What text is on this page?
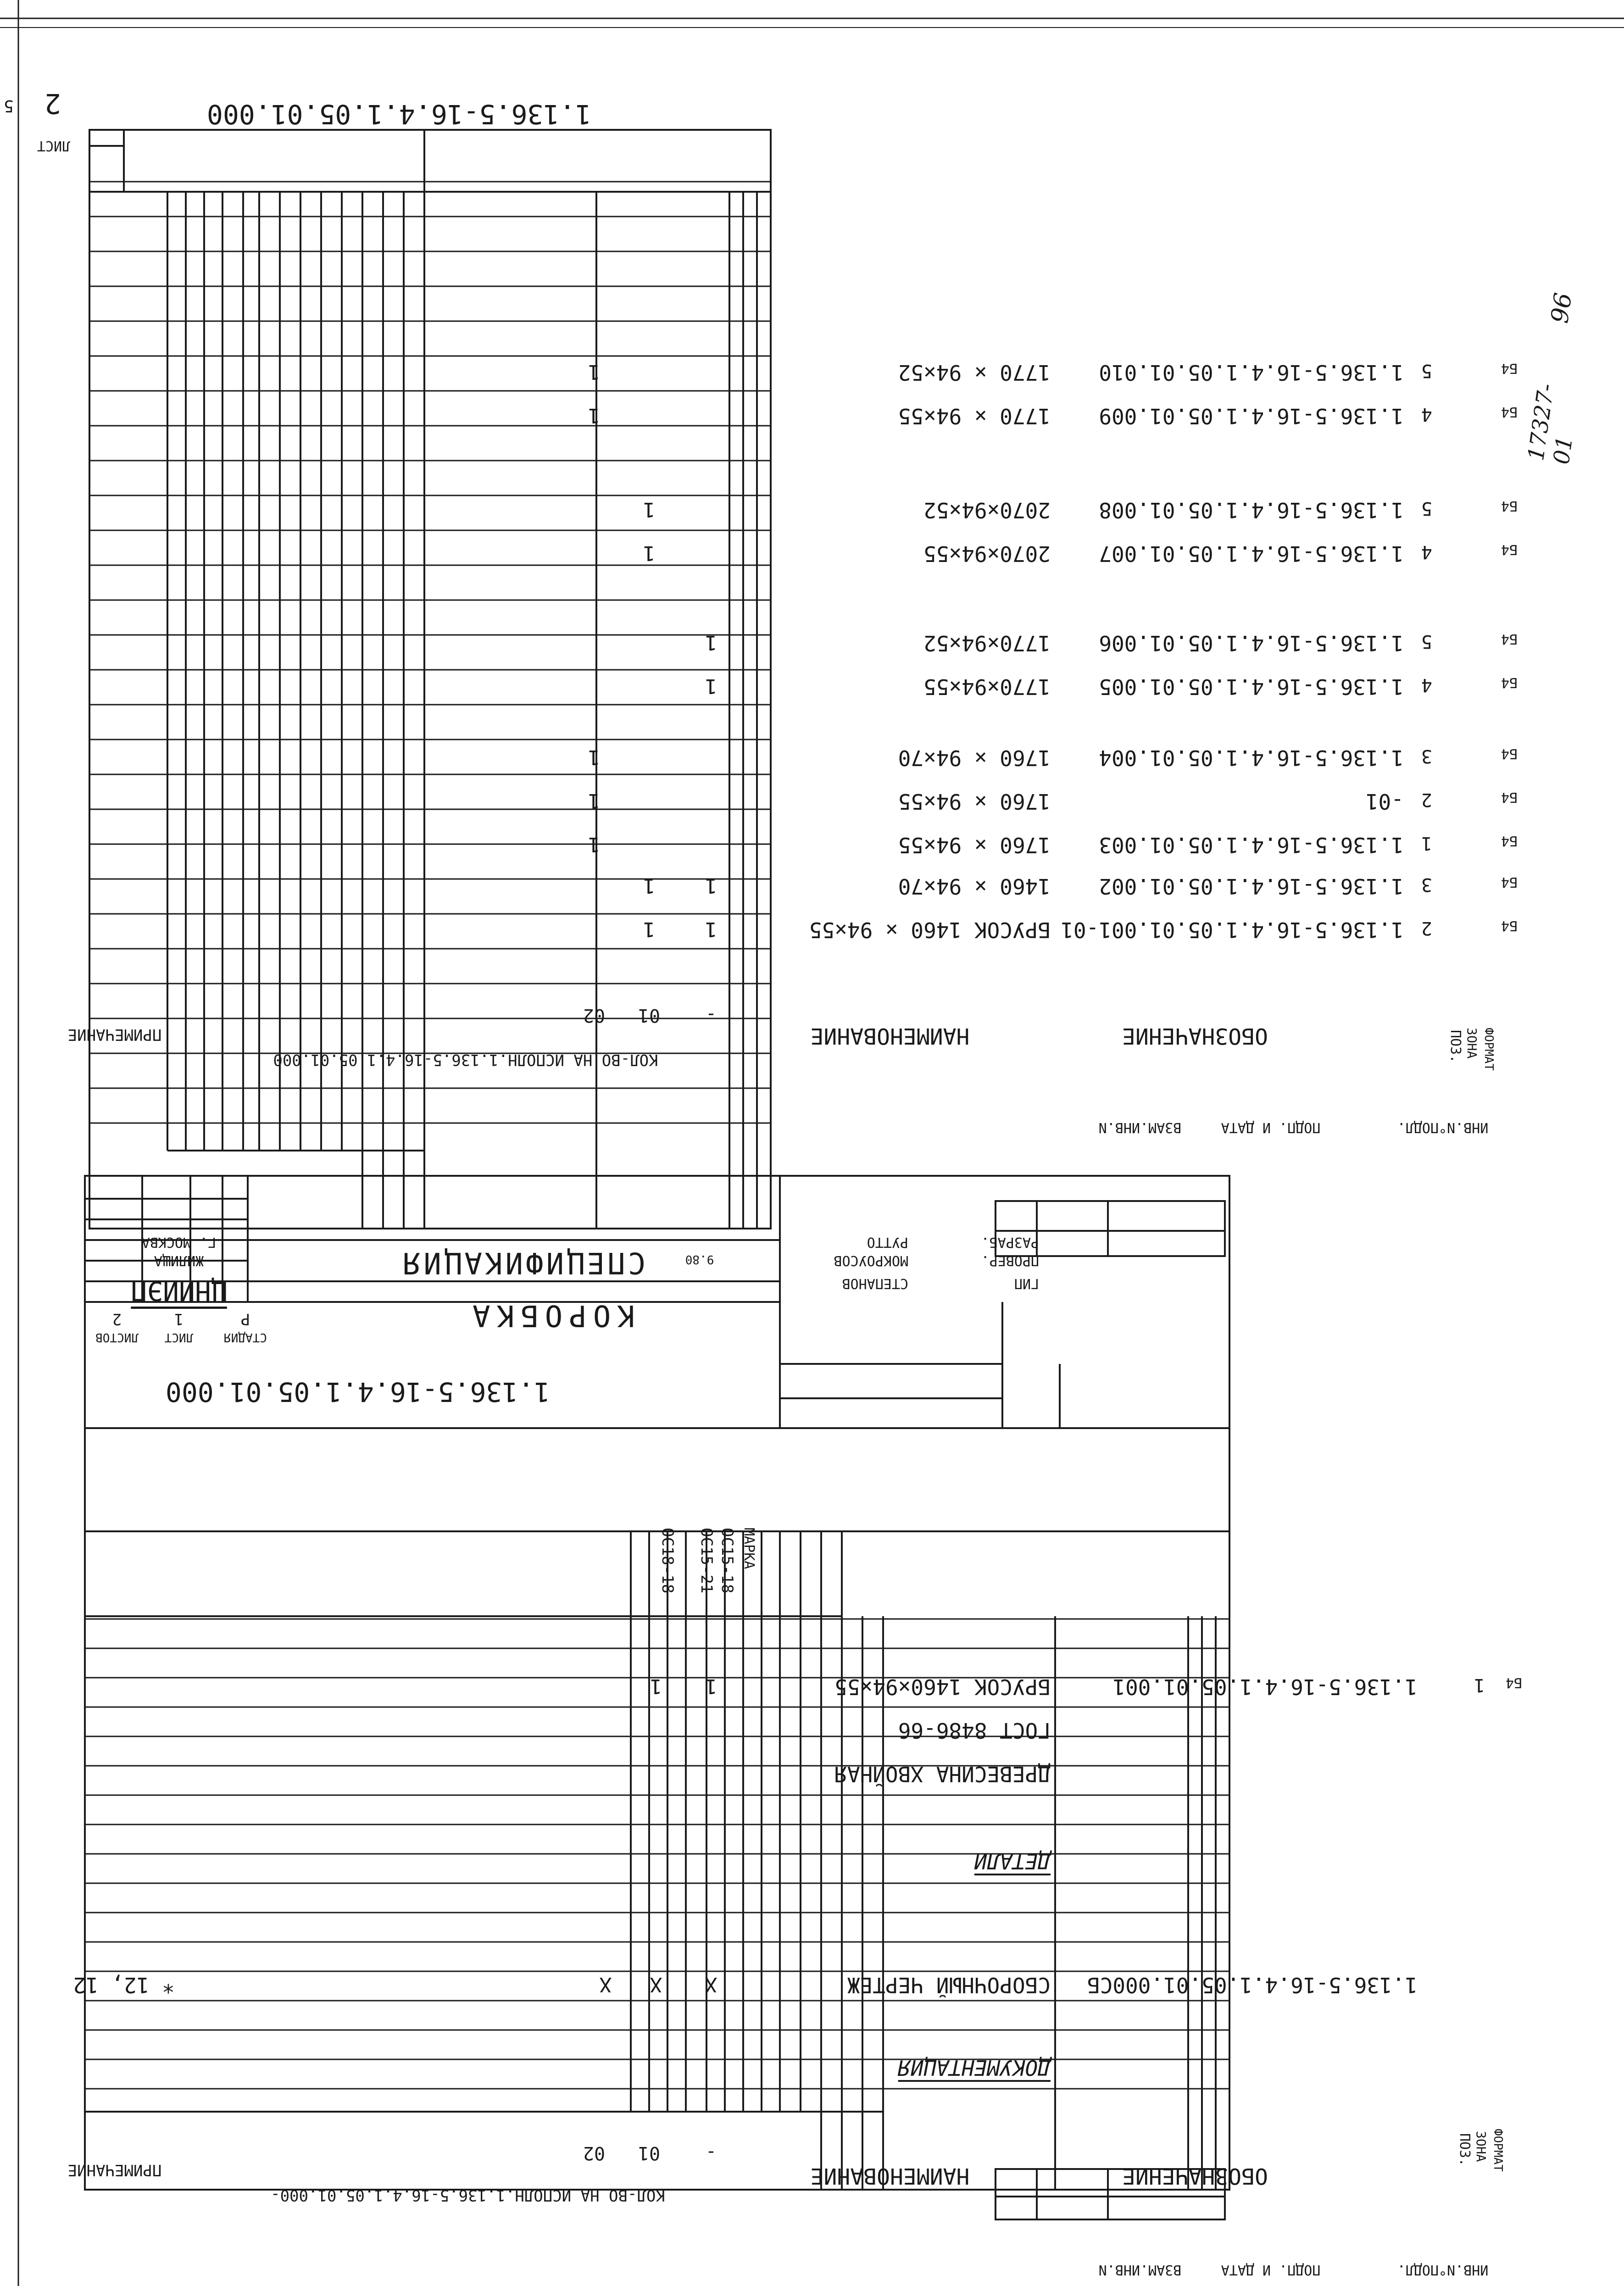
5
17327-01
96
ЛИСТ
2	1.136.5-16.4.1.05.01.000
ФОРМАТ
ЗОНА
ПОЗ.
ОБОЗНАЧЕНИЕ
НАИМЕНОВАНИЕ
КОЛ-ВО НА ИСПОЛН.1.136.5-16.4.1.05.01.000
ПРИМЕЧАНИЕ
-
01
02
Б4
2
1.136.5-16.4.1.05.01.001-01
БРУСОК 1460 × 94×55
1
1
Б4
3
1.136.5-16.4.1.05.01.002
1460 × 94×70
1
1
Б4
1
1.136.5-16.4.1.05.01.003
1760 × 94×55
1
Б4
2
-01
1760 × 94×55
1
Б4
3
1.136.5-16.4.1.05.01.004
1760 × 94×70
1
Б4
4
1.136.5-16.4.1.05.01.005
1770×94×55
1
Б4
5
1.136.5-16.4.1.05.01.006
1770×94×52
1
Б4
4
1.136.5-16.4.1.05.01.007
2070×94×55
1
Б4
5
1.136.5-16.4.1.05.01.008
2070×94×52
1
Б4
4
1.136.5-16.4.1.05.01.009
1770 × 94×55
1
Б4
5
1.136.5-16.4.1.05.01.010
1770 × 94×52
1
ИНВ.N°ПОДЛ.
ПОДП. И ДАТА
ВЗАМ.ИНВ.N
1.136.5-16.4.1.05.01.000
КОРОБКА
СПЕЦИФИКАЦИЯ
СТАДИЯ
Р
ЛИСТ
1
ЛИСТОВ
2
ЦНИИЭП
ЖИЛИЩА
Г. МОСКВА
ГИП
СТЕПАНОВ
ПРОВЕР.
МОКРОУСОВ
9.80
РАЗРАБ.
РУТТО
МАРКА
ОС15-18
ОС15-21
ОС18-18
ФОРМАТ
ЗОНА
ПОЗ.
ОБОЗНАЧЕНИЕ
НАИМЕНОВАНИЕ
КОЛ-ВО НА ИСПОЛН.1.136.5-16.4.1.05.01.000-
ПРИМЕЧАНИЕ
-
01
02
ДОКУМЕНТАЦИЯ
1.136.5-16.4.1.05.01.000СБ
СБОРОЧНЫЙ ЧЕРТЕЖ
Х
Х
Х
* 12, 12
ДЕТАЛИ
ДРЕВЕСИНА ХВОЙНАЯ
ГОСТ 8486-66
Б4
1
1.136.5-16.4.1.05.01.001
БРУСОК 1460×94×55
1
1
ИНВ.N°ПОДЛ.
ПОДП. И ДАТА
ВЗАМ.ИНВ.N
